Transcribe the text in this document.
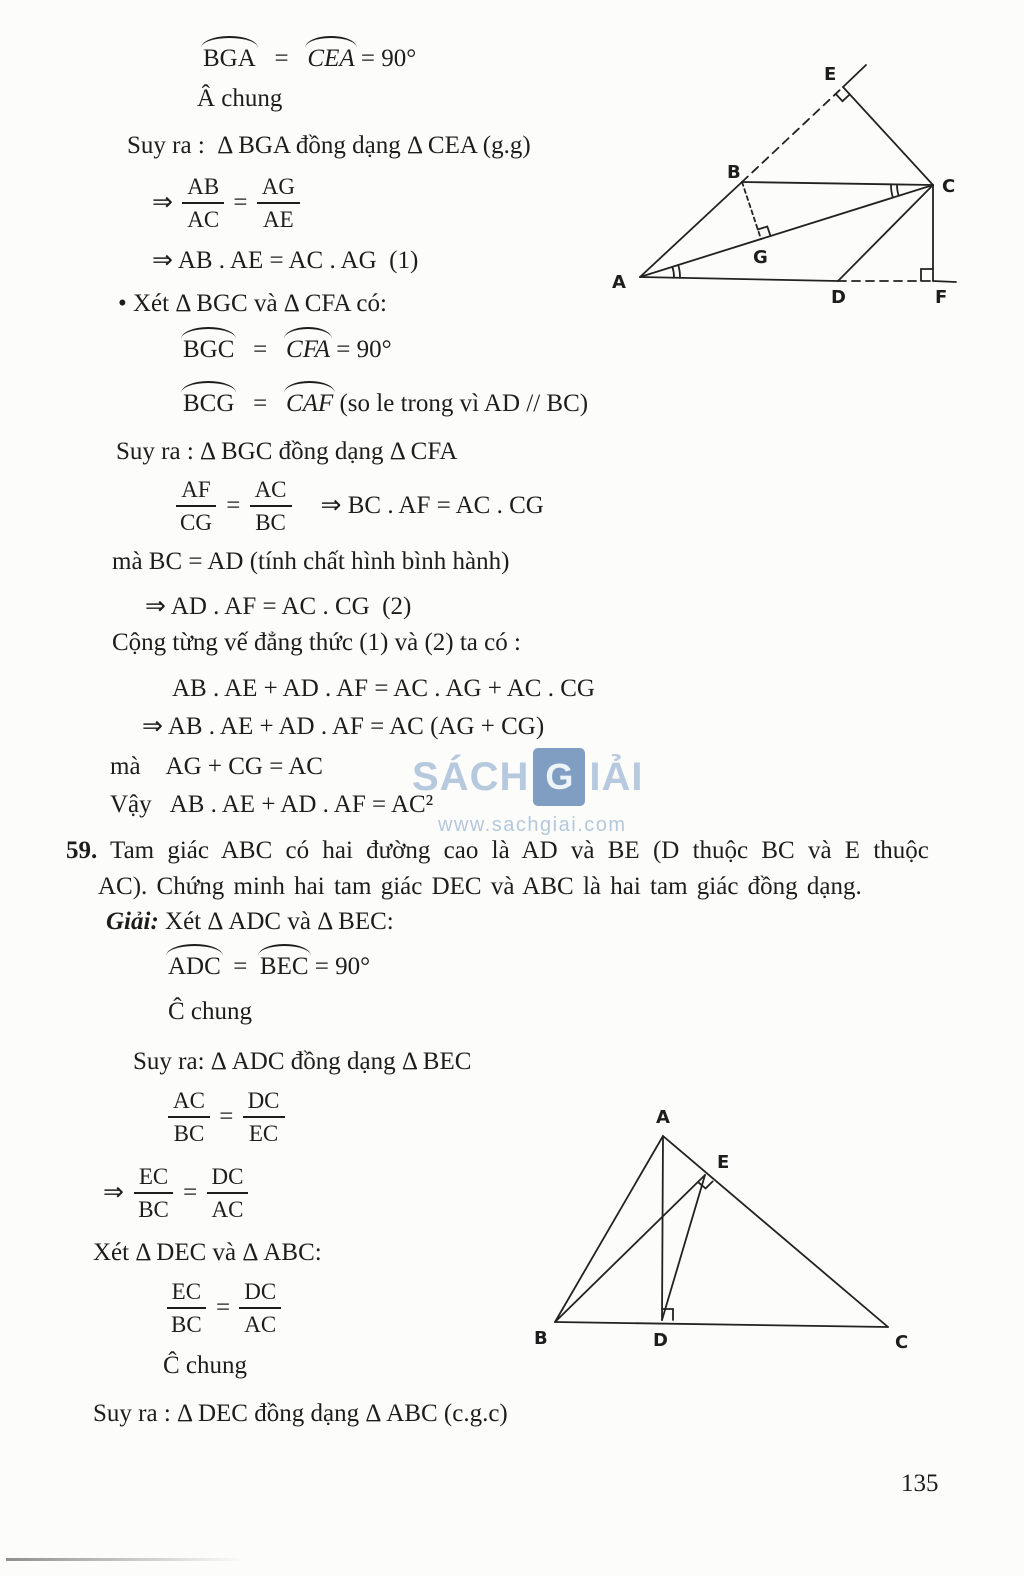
SÁCH G IẢI
www.sachgiai.com
BGA = CEA = 90°
Â chung
Suy ra :  Δ BGA đồng dạng Δ CEA (g.g)
⇒ $\frac{AB}{AC} = \frac{AG}{AE}$
⇒ AB . AE = AC . AG  (1)
• Xét Δ BGC và Δ CFA có:
BGC = CFA = 90°
BCG = CAF (so le trong vì AD // BC)
Suy ra : Δ BGC đồng dạng Δ CFA
$\frac{AF}{CG} = \frac{AC}{BC}$ ⇒ BC . AF = AC . CG
mà BC = AD (tính chất hình bình hành)
⇒ AD . AF = AC . CG  (2)
Cộng từng vế đẳng thức (1) và (2) ta có :
AB . AE + AD . AF = AC . AG + AC . CG
⇒ AB . AE + AD . AF = AC (AG + CG)
mà AG + CG = AC
Vậy AB . AE + AD . AF = AC²
59. Tam giác ABC có hai đường cao là AD và BE (D thuộc BC và E thuộc
AC). Chứng minh hai tam giác DEC và ABC là hai tam giác đồng dạng.
Giải: Xét Δ ADC và Δ BEC:
ADC = BEC = 90°
Ĉ chung
Suy ra: Δ ADC đồng dạng Δ BEC
$\frac{AC}{BC} = \frac{DC}{EC}$
⇒ $\frac{EC}{BC} = \frac{DC}{AC}$
Xét Δ DEC và Δ ABC:
$\frac{EC}{BC} = \frac{DC}{AC}$
Ĉ chung
Suy ra : Δ DEC đồng dạng Δ ABC (c.g.c)
A
B
C
D
E
F
G
A
B	C
D
E
135
